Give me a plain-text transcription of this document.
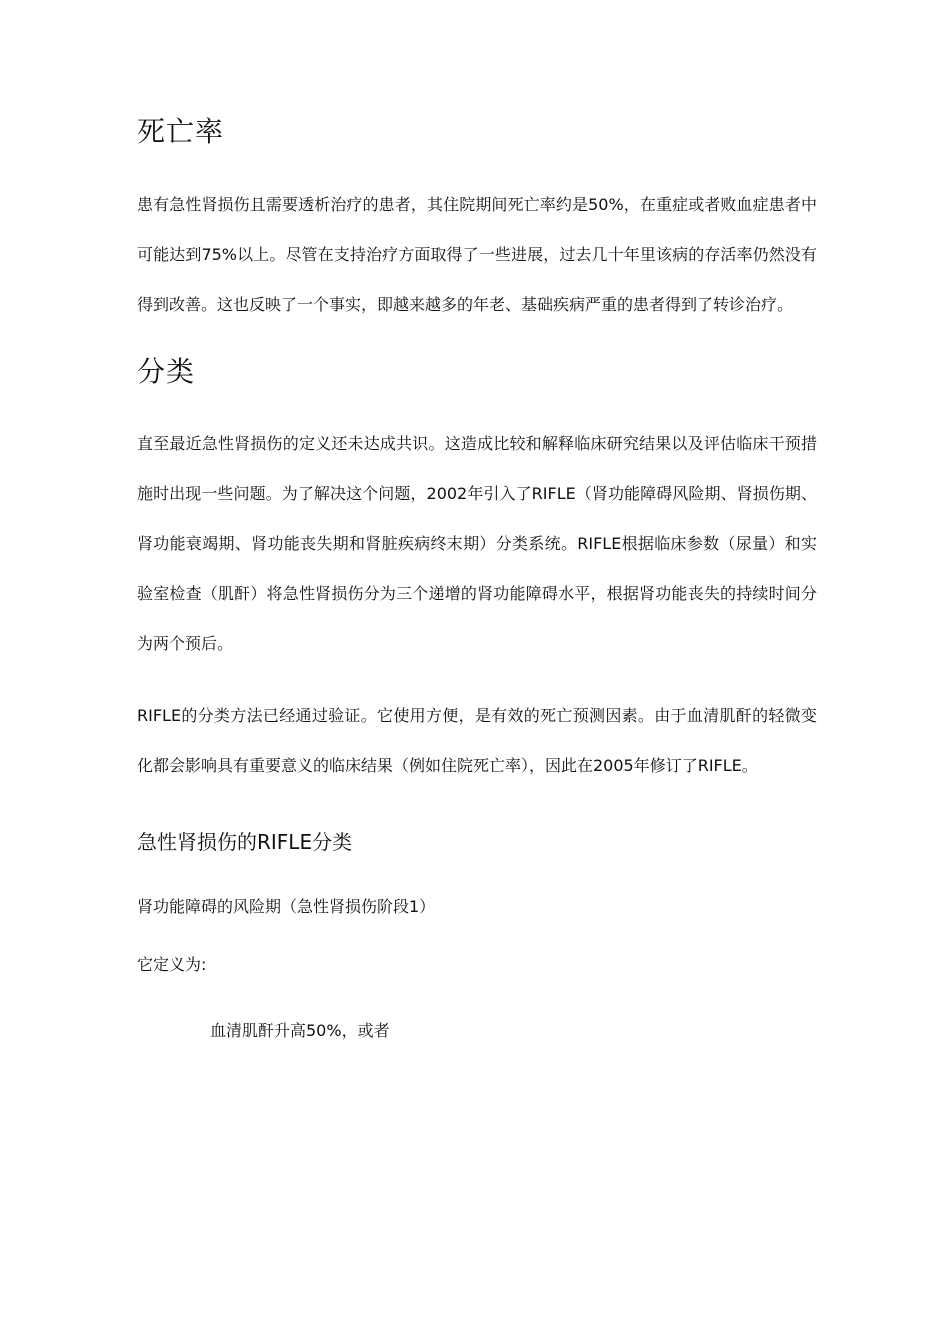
死亡率

患有急性肾损伤且需要透析治疗的患者，其住院期间死亡率约是50%，在重症或者败血症患者中可能达到75%以上。尽管在支持治疗方面取得了一些进展，过去几十年里该病的存活率仍然没有得到改善。这也反映了一个事实，即越来越多的年老、基础疾病严重的患者得到了转诊治疗。

分类

直至最近急性肾损伤的定义还未达成共识。这造成比较和解释临床研究结果以及评估临床干预措施时出现一些问题。为了解决这个问题，2002年引入了RIFLE（肾功能障碍风险期、肾损伤期、肾功能衰竭期、肾功能丧失期和肾脏疾病终末期）分类系统。RIFLE根据临床参数（尿量）和实验室检查（肌酐）将急性肾损伤分为三个递增的肾功能障碍水平，根据肾功能丧失的持续时间分为两个预后。

RIFLE的分类方法已经通过验证。它使用方便，是有效的死亡预测因素。由于血清肌酐的轻微变化都会影响具有重要意义的临床结果（例如住院死亡率），因此在2005年修订了RIFLE。

急性肾损伤的RIFLE分类

肾功能障碍的风险期（急性肾损伤阶段1）

它定义为:

血清肌酐升高50%，或者
